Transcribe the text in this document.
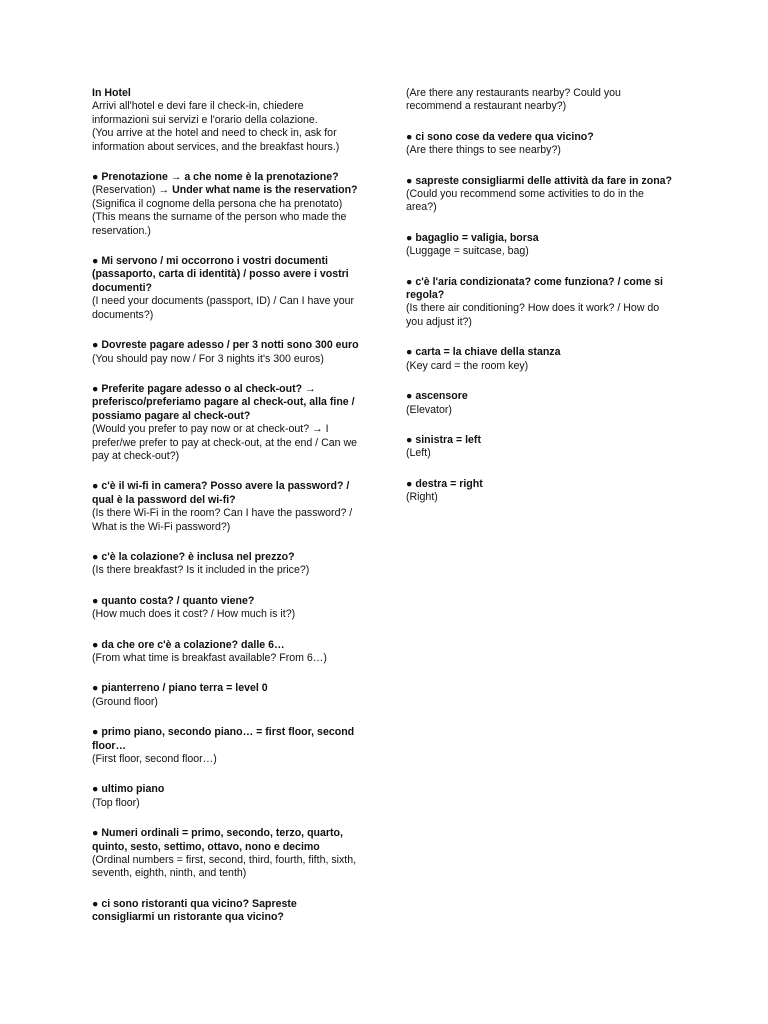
In Hotel
Arrivi all'hotel e devi fare il check-in, chiedere informazioni sui servizi e l'orario della colazione.
(You arrive at the hotel and need to check in, ask for information about services, and the breakfast hours.)
● Prenotazione → a che nome è la prenotazione?
(Reservation) → Under what name is the reservation?
(Significa il cognome della persona che ha prenotato)
(This means the surname of the person who made the reservation.)
● Mi servono / mi occorrono i vostri documenti (passaporto, carta di identità) / posso avere i vostri documenti?
(I need your documents (passport, ID) / Can I have your documents?)
● Dovreste pagare adesso / per 3 notti sono 300 euro
(You should pay now / For 3 nights it's 300 euros)
● Preferite pagare adesso o al check-out? → preferisco/preferiamo pagare al check-out, alla fine / possiamo pagare al check-out?
(Would you prefer to pay now or at check-out? → I prefer/we prefer to pay at check-out, at the end / Can we pay at check-out?)
● c'è il wi-fi in camera? Posso avere la password? / qual è la password del wi-fi?
(Is there Wi-Fi in the room? Can I have the password? / What is the Wi-Fi password?)
● c'è la colazione? è inclusa nel prezzo?
(Is there breakfast? Is it included in the price?)
● quanto costa? / quanto viene?
(How much does it cost? / How much is it?)
● da che ore c'è a colazione? dalle 6…
(From what time is breakfast available? From 6…)
● pianterreno / piano terra = level 0
(Ground floor)
● primo piano, secondo piano… = first floor, second floor…
(First floor, second floor…)
● ultimo piano
(Top floor)
● Numeri ordinali = primo, secondo, terzo, quarto, quinto, sesto, settimo, ottavo, nono e decimo
(Ordinal numbers = first, second, third, fourth, fifth, sixth, seventh, eighth, ninth, and tenth)
● ci sono ristoranti qua vicino? Sapreste consigliarmi un ristorante qua vicino?
(Are there any restaurants nearby? Could you recommend a restaurant nearby?)
● ci sono cose da vedere qua vicino?
(Are there things to see nearby?)
● sapreste consigliarmi delle attività da fare in zona?
(Could you recommend some activities to do in the area?)
● bagaglio = valigia, borsa
(Luggage = suitcase, bag)
● c'è l'aria condizionata? come funziona? / come si regola?
(Is there air conditioning? How does it work? / How do you adjust it?)
● carta = la chiave della stanza
(Key card = the room key)
● ascensore
(Elevator)
● sinistra = left
(Left)
● destra = right
(Right)
